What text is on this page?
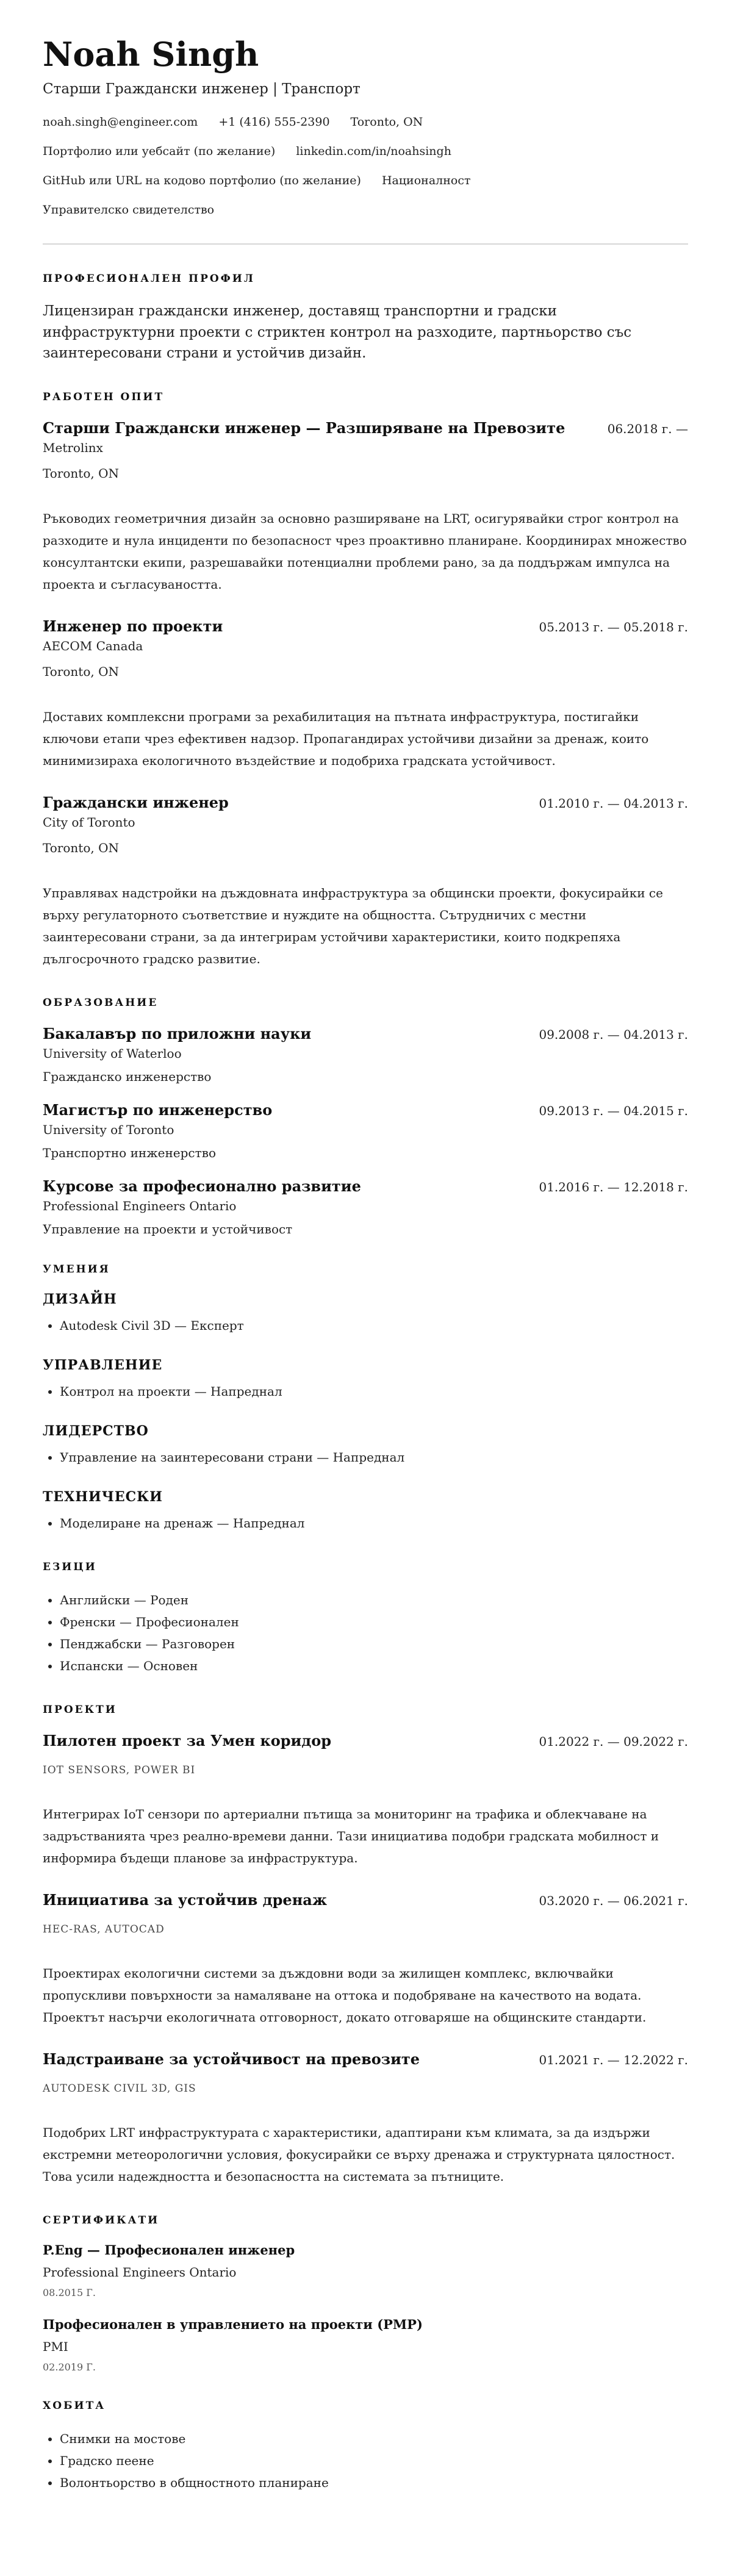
Noah Singh
Старши Граждански инженер | Транспорт
noah.singh@engineer.com +1 (416) 555-2390 Toronto, ON
Портфолио или уебсайт (по желание) linkedin.com/in/noahsingh
GitHub или URL на кодово портфолио (по желание) Националност
Управителско свидетелство
ПРОФЕСИОНАЛЕН ПРОФИЛ

Лицензиран граждански инженер, доставящ транспортни и градски инфраструктурни проекти с стриктен контрол на разходите, партньорство със заинтересовани страни и устойчив дизайн.

РАБОТЕН ОПИТ
Старши Граждански инженер — Разширяване на Превозите	06.2018 г. —
Metrolinx
Toronto, ON
Ръководих геометричния дизайн за основно разширяване на LRT, осигурявайки строг контрол на разходите и нула инциденти по безопасност чрез проактивно планиране. Координирах множество консултантски екипи, разрешавайки потенциални проблеми рано, за да поддържам импулса на проекта и съгласуваността.
Инженер по проекти	05.2013 г. — 05.2018 г.
AECOM Canada
Toronto, ON
Доставих комплексни програми за рехабилитация на пътната инфраструктура, постигайки ключови етапи чрез ефективен надзор. Пропагандирах устойчиви дизайни за дренаж, които минимизираха екологичното въздействие и подобриха градската устойчивост.
Граждански инженер	01.2010 г. — 04.2013 г.
City of Toronto
Toronto, ON
Управлявах надстройки на дъждовната инфраструктура за общински проекти, фокусирайки се върху регулаторното съответствие и нуждите на общността. Сътрудничих с местни заинтересовани страни, за да интегрирам устойчиви характеристики, които подкрепяха дългосрочното градско развитие.
ОБРАЗОВАНИЕ
Бакалавър по приложни науки	09.2008 г. — 04.2013 г.
University of Waterloo
Гражданско инженерство
Магистър по инженерство	09.2013 г. — 04.2015 г.
University of Toronto
Транспортно инженерство
Курсове за професионално развитие	01.2016 г. — 12.2018 г.
Professional Engineers Ontario
Управление на проекти и устойчивост
УМЕНИЯ
ДИЗАЙН
• Autodesk Civil 3D — Експерт
УПРАВЛЕНИЕ
• Контрол на проекти — Напреднал
ЛИДЕРСТВО
• Управление на заинтересовани страни — Напреднал
ТЕХНИЧЕСКИ
• Моделиране на дренаж — Напреднал
ЕЗИЦИ
• Английски — Роден
• Френски — Професионален
• Пенджабски — Разговорен
• Испански — Основен
ПРОЕКТИ
Пилотен проект за Умен коридор	01.2022 г. — 09.2022 г.
IOT SENSORS, POWER BI
Интегрирах IoT сензори по артериални пътища за мониторинг на трафика и облекчаване на задръстванията чрез реално-времеви данни. Тази инициатива подобри градската мобилност и информира бъдещи планове за инфраструктура.
Инициатива за устойчив дренаж	03.2020 г. — 06.2021 г.
HEC-RAS, AUTOCAD
Проектирах екологични системи за дъждовни води за жилищен комплекс, включвайки пропускливи повърхности за намаляване на оттока и подобряване на качеството на водата. Проектът насърчи екологичната отговорност, докато отговаряше на общинските стандарти.
Надстрaиване за устойчивост на превозите	01.2021 г. — 12.2022 г.
AUTODESK CIVIL 3D, GIS
Подобрих LRT инфраструктурата с характеристики, адаптирани към климата, за да издържи екстремни метеорологични условия, фокусирайки се върху дренажа и структурната цялостност. Това усили надеждността и безопасността на системата за пътниците.
СЕРТИФИКАТИ
P.Eng — Професионален инженер
Professional Engineers Ontario
08.2015 Г.
Професионален в управлението на проекти (PMP)
PMI
02.2019 Г.
ХОБИТА
• Снимки на мостове
• Градско пеене
• Волонтьорство в общностното планиране
